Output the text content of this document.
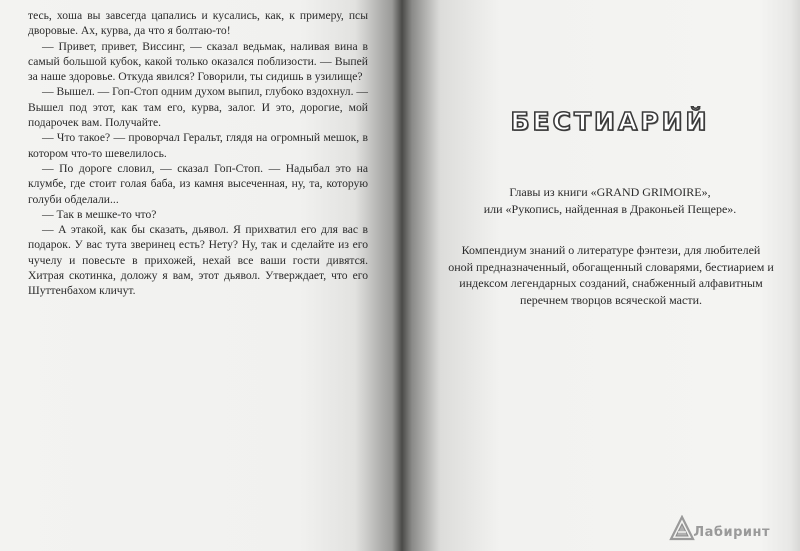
тесь, хоша вы завсегда цапались и кусались, как, к примеру, псы дворовые. Ах, курва, да что я болтаю-то!

— Привет, привет, Виссинг, — сказал ведьмак, наливая вина в самый большой кубок, какой только оказался поблизости. — Выпей за наше здоровье. Откуда явился? Говорили, ты сидишь в узилище?

— Вышел. — Гоп-Стоп одним духом выпил, глубоко вздохнул. — Вышел под этот, как там его, курва, залог. И это, дорогие, мой подарочек вам. Получайте.

— Что такое? — проворчал Геральт, глядя на огромный мешок, в котором что-то шевелилось.

— По дороге словил, — сказал Гоп-Стоп. — Надыбал это на клумбе, где стоит голая баба, из камня высеченная, ну, та, которую голуби обделали...

— Так в мешке-то что?

— А этакой, как бы сказать, дьявол. Я прихватил его для вас в подарок. У вас тута зверинец есть? Нету? Ну, так и сделайте из его чучелу и повесьте в прихожей, нехай все ваши гости дивятся. Хитрая скотинка, доложу я вам, этот дьявол. Утверждает, что его Шуттенбахом кличут.

БЕСТИАРИЙ
Главы из книги «GRAND GRIMOIRE»,
или «Рукопись, найденная в Драконьей Пещере».
Компендиум знаний о литературе фэнтези, для любителей оной предназначенный, обогащенный словарями, бестиарием и индексом легендарных созданий, снабженный алфавитным перечнем творцов всяческой масти.
Лабиринт
